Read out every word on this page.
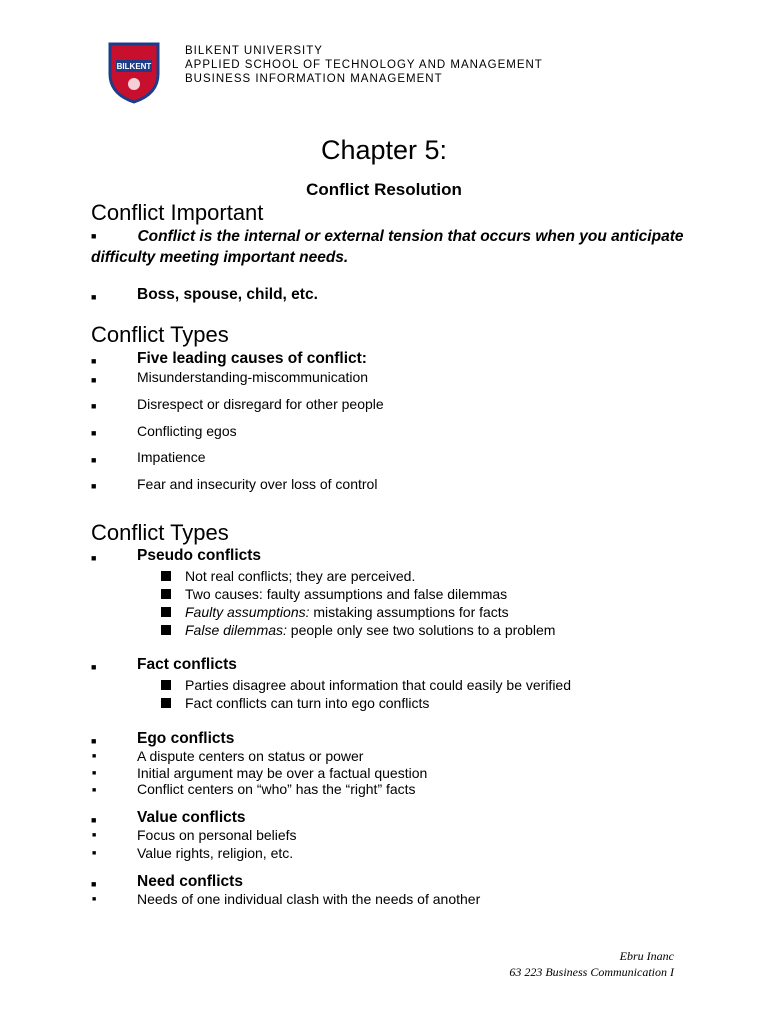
BILKENT
BILKENT UNIVERSITY
APPLIED SCHOOL OF TECHNOLOGY AND MANAGEMENT
BUSINESS INFORMATION MANAGEMENT
Chapter 5:
Conflict Resolution
Conflict Important
■	Conflict is the internal or external tension that occurs when you anticipate difficulty meeting important needs.
■	Boss, spouse, child, etc.
Conflict Types
■	Five leading causes of conflict:
■	Misunderstanding-miscommunication
■	Disrespect or disregard for other people
■	Conflicting egos
■	Impatience
■	Fear and insecurity over loss of control
Conflict Types
■	Pseudo conflicts
Not real conflicts; they are perceived.
Two causes: faulty assumptions and false dilemmas
Faulty assumptions: mistaking assumptions for facts
False dilemmas: people only see two solutions to a problem
■	Fact conflicts
Parties disagree about information that could easily be verified
Fact conflicts can turn into ego conflicts
■	Ego conflicts
■	A dispute centers on status or power
■	Initial argument may be over a factual question
■	Conflict centers on “who” has the “right” facts
■	Value conflicts
■	Focus on personal beliefs
■	Value rights, religion, etc.
■	Need conflicts
■	Needs of one individual clash with the needs of another
Ebru Inanc
63 223 Business Communication I
